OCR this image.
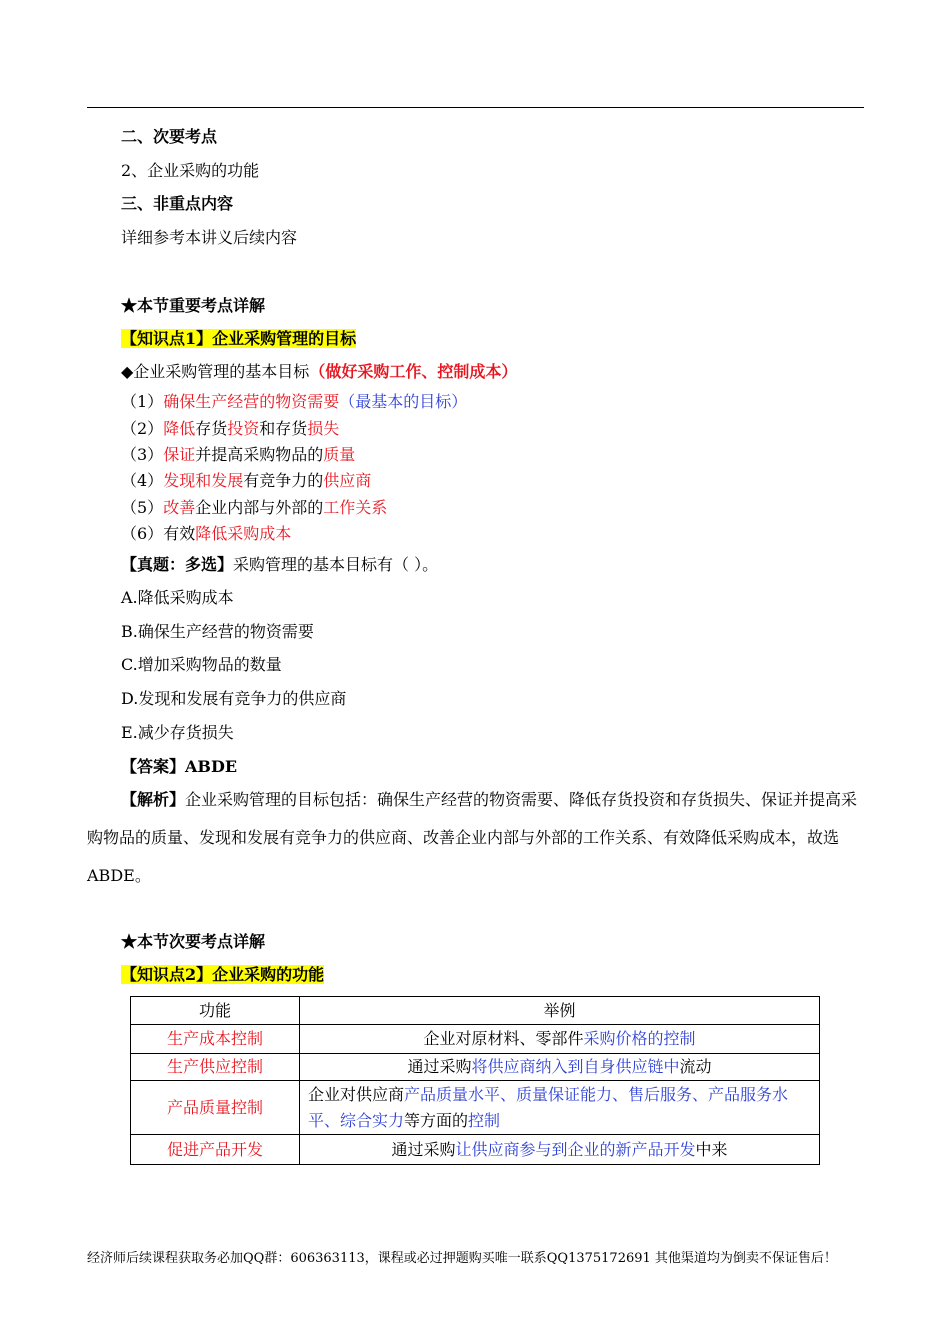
二、次要考点
2、企业采购的功能
三、非重点内容
详细参考本讲义后续内容
★本节重要考点详解
【知识点1】企业采购管理的目标
◆企业采购管理的基本目标（做好采购工作、控制成本）
（1）确保生产经营的物资需要（最基本的目标）
（2）降低存货投资和存货损失
（3）保证并提高采购物品的质量
（4）发现和发展有竞争力的供应商
（5）改善企业内部与外部的工作关系
（6）有效降低采购成本
【真题：多选】采购管理的基本目标有（ ）。
A.降低采购成本
B.确保生产经营的物资需要
C.增加采购物品的数量
D.发现和发展有竞争力的供应商
E.减少存货损失
【答案】ABDE
【解析】企业采购管理的目标包括：确保生产经营的物资需要、降低存货投资和存货损失、保证并提高采购物品的质量、发现和发展有竞争力的供应商、改善企业内部与外部的工作关系、有效降低采购成本，故选ABDE。
★本节次要考点详解
【知识点2】企业采购的功能
功能	举例
生产成本控制	企业对原材料、零部件采购价格的控制
生产供应控制	通过采购将供应商纳入到自身供应链中流动
产品质量控制	企业对供应商产品质量水平、质量保证能力、售后服务、产品服务水平、综合实力等方面的控制
促进产品开发	通过采购让供应商参与到企业的新产品开发中来
经济师后续课程获取务必加QQ群：606363113，课程或必过押题购买唯一联系QQ1375172691 其他渠道均为倒卖不保证售后！
